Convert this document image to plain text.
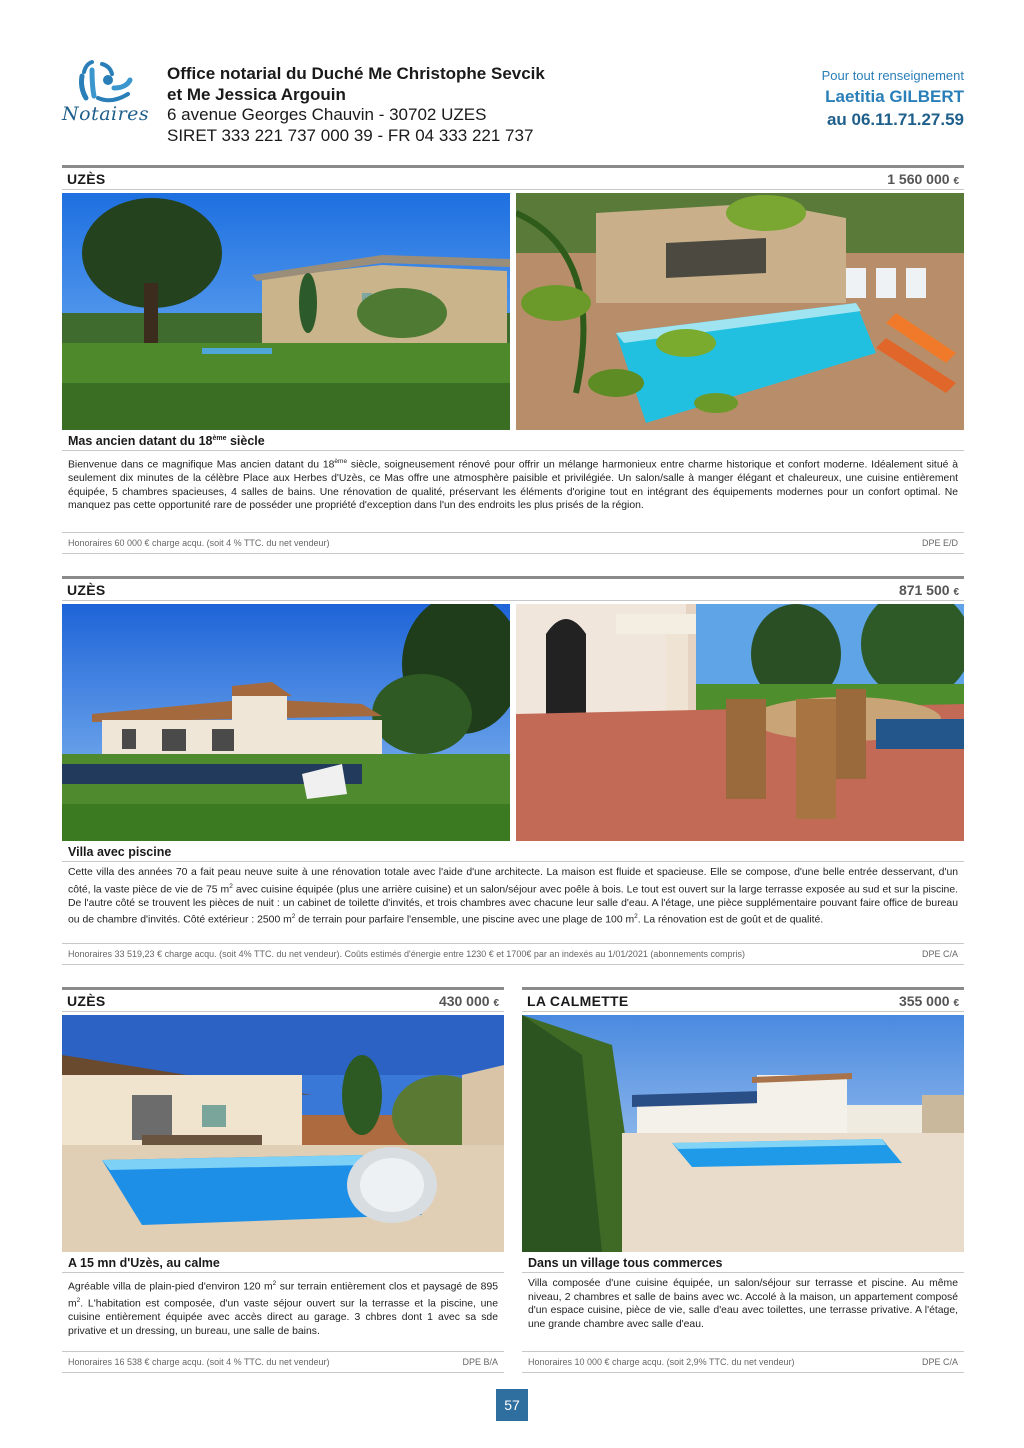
Notaires
Office notarial du Duché Me Christophe Sevcik
et Me Jessica Argouin
6 avenue Georges Chauvin - 30702 UZES
SIRET 333 221 737 000 39 - FR 04 333 221 737
Pour tout renseignement
Laetitia GILBERT
au 06.11.71.27.59
UZÈS	1 560 000 €
Mas ancien datant du 18ème siècle
Bienvenue dans ce magnifique Mas ancien datant du 18ème siècle, soigneusement rénové pour offrir un mélange harmonieux entre charme historique et confort moderne. Idéalement situé à seulement dix minutes de la célèbre Place aux Herbes d'Uzès, ce Mas offre une atmosphère paisible et privilégiée. Un salon/salle à manger élégant et chaleureux, une cuisine entièrement équipée, 5 chambres spacieuses, 4 salles de bains. Une rénovation de qualité, préservant les éléments d'origine tout en intégrant des équipements modernes pour un confort optimal. Ne manquez pas cette opportunité rare de posséder une propriété d'exception dans l'un des endroits les plus prisés de la région.
Honoraires 60 000 € charge acqu. (soit 4 % TTC. du net vendeur)	DPE E/D
UZÈS	871 500 €
Villa avec piscine
Cette villa des années 70 a fait peau neuve suite à une rénovation totale avec l'aide d'une architecte. La maison est fluide et spacieuse. Elle se compose, d'une belle entrée desservant, d'un côté, la vaste pièce de vie de 75 $m^2$ avec cuisine équipée (plus une arrière cuisine) et un salon/séjour avec poêle à bois. Le tout est ouvert sur la large terrasse exposée au sud et sur la piscine. De l'autre côté se trouvent les pièces de nuit : un cabinet de toilette d'invités, et trois chambres avec chacune leur salle d'eau. A l'étage, une pièce supplémentaire pouvant faire office de bureau ou de chambre d'invités. Côté extérieur : 2500 $m^2$ de terrain pour parfaire l'ensemble, une piscine avec une plage de 100 $m^2$. La rénovation est de goût et de qualité.
Honoraires 33 519,23 € charge acqu. (soit 4% TTC. du net vendeur). Coûts estimés d'énergie entre 1230 € et 1700€ par an indexés au 1/01/2021 (abonnements compris)	DPE C/A
UZÈS	430 000 €
A 15 mn d'Uzès, au calme
Agréable villa de plain-pied d'environ 120 $m^2$ sur terrain entièrement clos et paysagé de 895 $m^2$. L'habitation est composée, d'un vaste séjour ouvert sur la terrasse et la piscine, une cuisine entièrement équipée avec accès direct au garage. 3 chbres dont 1 avec sa sde privative et un dressing, un bureau, une salle de bains.
Honoraires 16 538 € charge acqu. (soit 4 % TTC. du net vendeur)	DPE B/A
LA CALMETTE	355 000 €
Dans un village tous commerces
Villa composée d'une cuisine équipée, un salon/séjour sur terrasse et piscine. Au même niveau, 2 chambres et salle de bains avec wc. Accolé à la maison, un appartement composé d'un espace cuisine, pièce de vie, salle d'eau avec toilettes, une terrasse privative. A l'étage, une grande chambre avec salle d'eau.
Honoraires 10 000 € charge acqu. (soit 2,9% TTC. du net vendeur)	DPE C/A
57
